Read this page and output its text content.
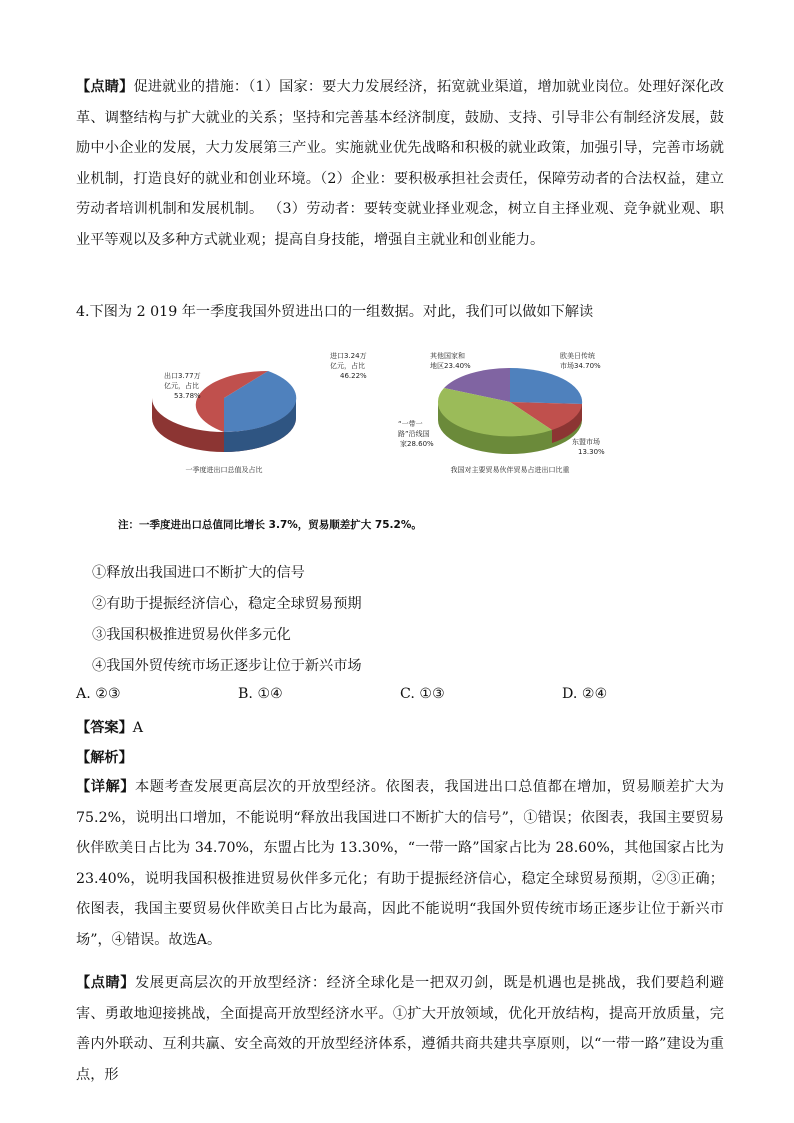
【点睛】促进就业的措施：（1）国家：要大力发展经济，拓宽就业渠道，增加就业岗位。处理好深化改革、调整结构与扩大就业的关系；坚持和完善基本经济制度，鼓励、支持、引导非公有制经济发展，鼓励中小企业的发展，大力发展第三产业。实施就业优先战略和积极的就业政策，加强引导，完善市场就业机制，打造良好的就业和创业环境。（2）企业：要积极承担社会责任，保障劳动者的合法权益，建立劳动者培训机制和发展机制。 （3）劳动者：要转变就业择业观念，树立自主择业观、竞争就业观、职业平等观以及多种方式就业观；提高自身技能，增强自主就业和创业能力。
4.下图为 2 019 年一季度我国外贸进出口的一组数据。对此，我们可以做如下解读
进口3.24万
亿元，占比
46.22%
出口3.77万
亿元，占比
53.78%
一季度进出口总值及占比
欧美日传统
市场34.70%
东盟市场
13.30%
“一带一
路”沿线国
家28.60%
其他国家和
地区23.40%
我国对主要贸易伙伴贸易占进出口比重
注：一季度进出口总值同比增长 3.7%，贸易顺差扩大 75.2%。
①释放出我国进口不断扩大的信号
②有助于提振经济信心，稳定全球贸易预期
③我国积极推进贸易伙伴多元化
④我国外贸传统市场正逐步让位于新兴市场
A. ②③	B. ①④	C. ①③	D. ②④
【答案】A
【解析】
【详解】本题考查发展更高层次的开放型经济。依图表，我国进出口总值都在增加，贸易顺差扩大为75.2%，说明出口增加，不能说明“释放出我国进口不断扩大的信号”，①错误；依图表，我国主要贸易伙伴欧美日占比为 34.70%，东盟占比为 13.30%，“一带一路”国家占比为 28.60%，其他国家占比为 23.40%，说明我国积极推进贸易伙伴多元化；有助于提振经济信心，稳定全球贸易预期，②③正确；依图表，我国主要贸易伙伴欧美日占比为最高，因此不能说明“我国外贸传统市场正逐步让位于新兴市场”，④错误。故选A。
【点睛】发展更高层次的开放型经济：经济全球化是一把双刃剑，既是机遇也是挑战，我们要趋利避害、勇敢地迎接挑战，全面提高开放型经济水平。①扩大开放领域，优化开放结构，提高开放质量，完善内外联动、互利共赢、安全高效的开放型经济体系，遵循共商共建共享原则，以“一带一路”建设为重点，形
